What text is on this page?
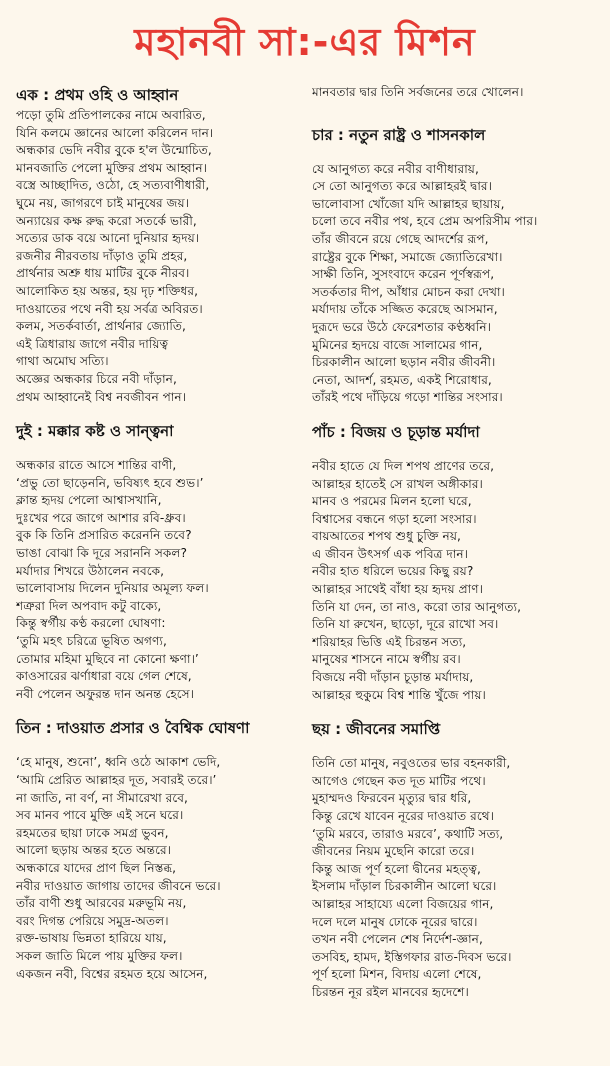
মহানবী সা:-এর মিশন
এক : প্রথম ওহি ও আহ্বান
পড়ো তুমি প্রতিপালকের নামে অবারিত,
যিনি কলমে জ্ঞানের আলো করিলেন দান।
অন্ধকার ভেদি নবীর বুকে হ'ল উন্মোচিত,
মানবজাতি পেলো মুক্তির প্রথম আহ্বান।
বস্ত্রে আচ্ছাদিত, ওঠো, হে সত্যবাণীধারী,
ঘুমে নয়, জাগরণে চাই মানুষের জয়।
অন্যায়ের কক্ষ রুদ্ধ করো সতর্কে ভারী,
সত্যের ডাক বয়ে আনো দুনিয়ার হৃদয়।
রজনীর নীরবতায় দাঁড়াও তুমি প্রহর,
প্রার্থনার অশ্রু ধায় মাটির বুকে নীরব।
আলোকিত হয় অন্তর, হয় দৃঢ় শক্তিধর,
দাওয়াতের পথে নবী হয় সর্বত্র অবিরত।
কলম, সতর্কবার্তা, প্রার্থনার জ্যোতি,
এই ত্রিধারায় জাগে নবীর দায়িত্ব
গাথা অমোঘ সত্যি।
অজ্ঞের অন্ধকার চিরে নবী দাঁড়ান,
প্রথম আহ্বানেই বিশ্ব নবজীবন পান।
দুই : মক্কার কষ্ট ও সান্ত্বনা
অন্ধকার রাতে আসে শান্তির বাণী,
‘প্রভু তো ছাড়েননি, ভবিষ্যৎ হবে শুভ।’
ক্লান্ত হৃদয় পেলো আশ্বাসখানি,
দুঃখের পরে জাগে আশার রবি-ধ্রুব।
বুক কি তিনি প্রসারিত করেননি তবে?
ভাঙা বোঝা কি দূরে সরাননি সকল?
মর্যাদার শিখরে উঠালেন নবকে,
ভালোবাসায় দিলেন দুনিয়ার অমূল্য ফল।
শত্রুরা দিল অপবাদ কটু বাক্যে,
কিন্তু স্বর্গীয় কণ্ঠ করলো ঘোষণা:
‘তুমি মহৎ চরিত্রে ভূষিত অগণ্য,
তোমার মহিমা মুছিবে না কোনো ক্ষণা।’
কাওসারের ঝর্ণাধারা বয়ে গেল শেষে,
নবী পেলেন অফুরন্ত দান অনন্ত হেসে।
তিন : দাওয়াত প্রসার ও বৈশ্বিক ঘোষণা
‘হে মানুষ, শুনো’, ধ্বনি ওঠে আকাশ ভেদি,
‘আমি প্রেরিত আল্লাহর দূত, সবারই তরে।’
না জাতি, না বর্ণ, না সীমারেখা রবে,
সব মানব পাবে মুক্তি এই সনে ঘরে।
রহমতের ছায়া ঢাকে সমগ্র ভুবন,
আলো ছড়ায় অন্তর হতে অন্তরে।
অন্ধকারে যাদের প্রাণ ছিল নিস্তব্ধ,
নবীর দাওয়াত জাগায় তাদের জীবনে ভরে।
তাঁর বাণী শুধু আরবের মরুভূমি নয়,
বরং দিগন্ত পেরিয়ে সমুদ্র-অতল।
রক্ত-ভাষায় ভিন্নতা হারিয়ে যায়,
সকল জাতি মিলে পায় মুক্তির ফল।
একজন নবী, বিশ্বের রহমত হয়ে আসেন,
মানবতার দ্বার তিনি সর্বজনের তরে খোলেন।
চার : নতুন রাষ্ট্র ও শাসনকাল
যে আনুগত্য করে নবীর বাণীধারায়,
সে তো আনুগত্য করে আল্লাহরই দ্বার।
ভালোবাসা খোঁজো যদি আল্লাহর ছায়ায়,
চলো তবে নবীর পথ, হবে প্রেম অপরিসীম পার।
তাঁর জীবনে রয়ে গেছে আদর্শের রূপ,
রাষ্ট্রের বুকে শিক্ষা, সমাজে জ্যোতিরেখা।
সাক্ষী তিনি, সুসংবাদে করেন পূর্ণস্বরূপ,
সতর্কতার দীপ, আঁধার মোচন করা দেখা।
মর্যাদায় তাঁকে সজ্জিত করেছে আসমান,
দুরূদে ভরে উঠে ফেরেশতার কণ্ঠধ্বনি।
মুমিনের হৃদয়ে বাজে সালামের গান,
চিরকালীন আলো ছড়ান নবীর জীবনী।
নেতা, আদর্শ, রহমত, একই শিরোধার,
তাঁরই পথে দাঁড়িয়ে গড়ো শান্তির সংসার।
পাঁচ : বিজয় ও চূড়ান্ত মর্যাদা
নবীর হাতে যে দিল শপথ প্রাণের তরে,
আল্লাহর হাতেই সে রাখল অঙ্গীকার।
মানব ও পরমের মিলন হলো ঘরে,
বিশ্বাসের বন্ধনে গড়া হলো সংসার।
বায়আতের শপথ শুধু চুক্তি নয়,
এ জীবন উৎসর্গ এক পবিত্র দান।
নবীর হাত ধরিলে ভয়ের কিছু রয়?
আল্লাহর সাথেই বাঁধা হয় হৃদয় প্রাণ।
তিনি যা দেন, তা নাও, করো তার আনুগত্য,
তিনি যা রুখেন, ছাড়ো, দূরে রাখো সব।
শরিয়াহর ভিত্তি এই চিরন্তন সত্য,
মানুষের শাসনে নামে স্বর্গীয় রব।
বিজয়ে নবী দাঁড়ান চূড়ান্ত মর্যাদায়,
আল্লাহর হুকুমে বিশ্ব শান্তি খুঁজে পায়।
ছয় : জীবনের সমাপ্তি
তিনি তো মানুষ, নবুওতের ভার বহনকারী,
আগেও গেছেন কত দূত মাটির পথে।
মুহাম্মদও ফিরবেন মৃত্যুর দ্বার ধরি,
কিন্তু রেখে যাবেন নূরের দাওয়াত রথে।
‘তুমি মরবে, তারাও মরবে’, কথাটি সত্য,
জীবনের নিয়ম মুছেনি কারো তরে।
কিন্তু আজ পূর্ণ হলো দ্বীনের মহত্ত্ব,
ইসলাম দাঁড়াল চিরকালীন আলো ঘরে।
আল্লাহর সাহায্যে এলো বিজয়ের গান,
দলে দলে মানুষ ঢোকে নূরের দ্বারে।
তখন নবী পেলেন শেষ নির্দেশ-জ্ঞান,
তসবিহ, হামদ, ইস্তিগফার রাত-দিবস ভরে।
পূর্ণ হলো মিশন, বিদায় এলো শেষে,
চিরন্তন নূর রইল মানবের হৃদেশে।
